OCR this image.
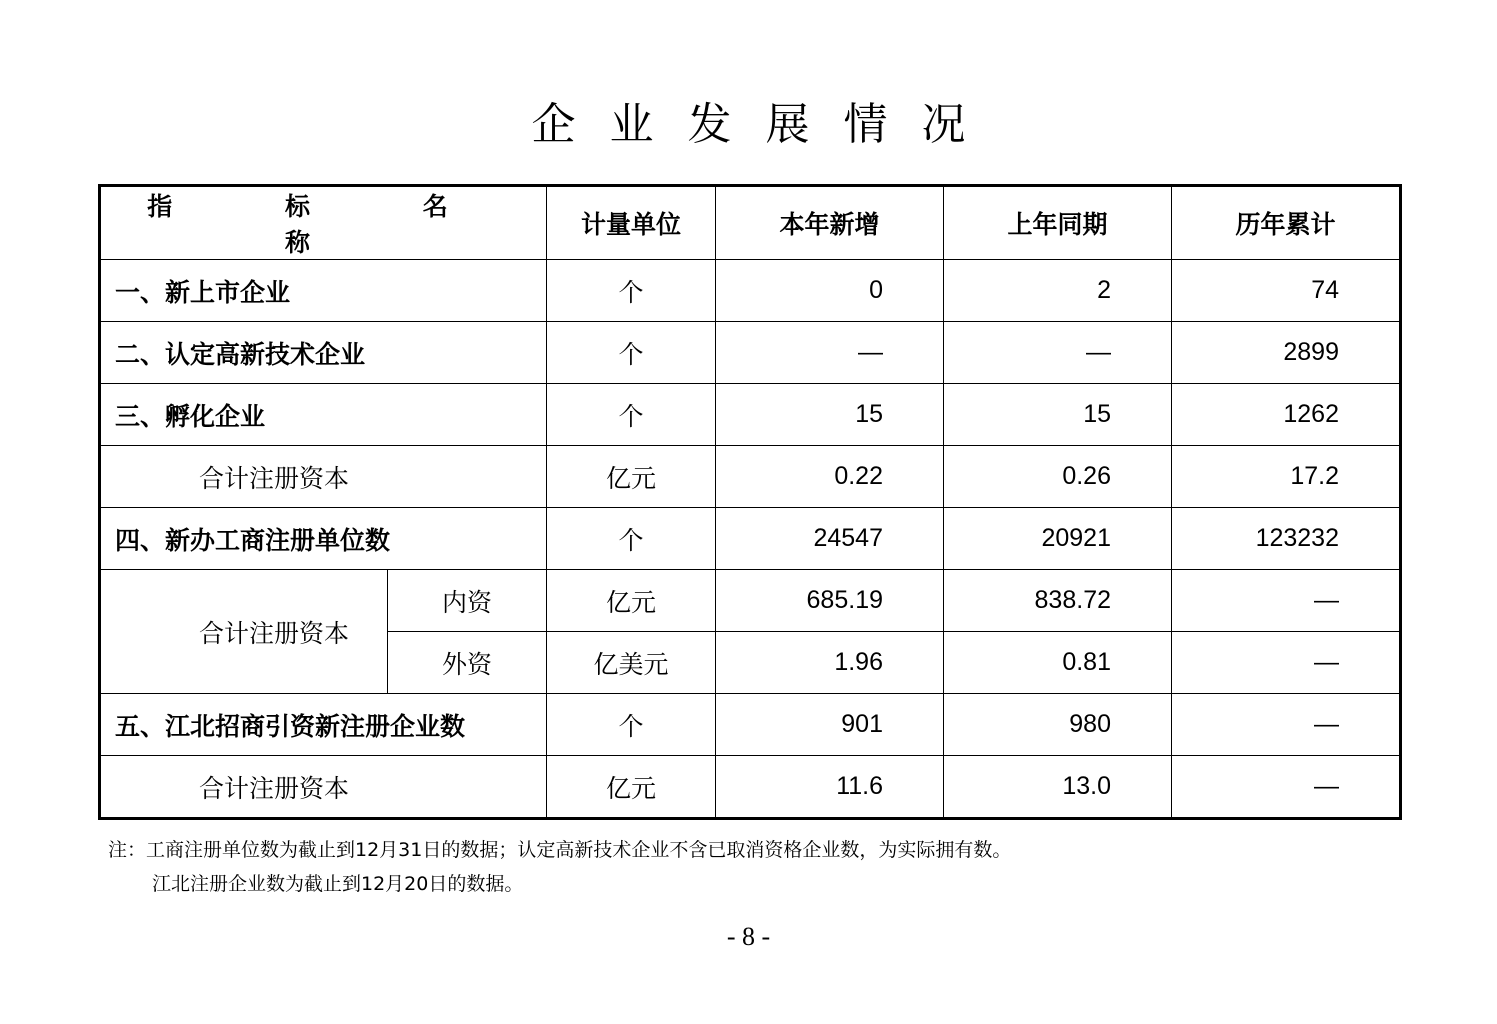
企业发展情况
指 标 名 称		计量单位	本年新增	上年同期	历年累计
一、新上市企业		个	0	2	74
二、认定高新技术企业		个	—	—	2899
三、孵化企业		个	15	15	1262
合计注册资本		亿元	0.22	0.26	17.2
四、新办工商注册单位数		个	24547	20921	123232
合计注册资本	内资	亿元	685.19	838.72	—
	外资	亿美元	1.96	0.81	—
五、江北招商引资新注册企业数		个	901	980	—
合计注册资本		亿元	11.6	13.0	—
注：工商注册单位数为截止到12月31日的数据；认定高新技术企业不含已取消资格企业数，为实际拥有数。
江北注册企业数为截止到12月20日的数据。
- 8 -
